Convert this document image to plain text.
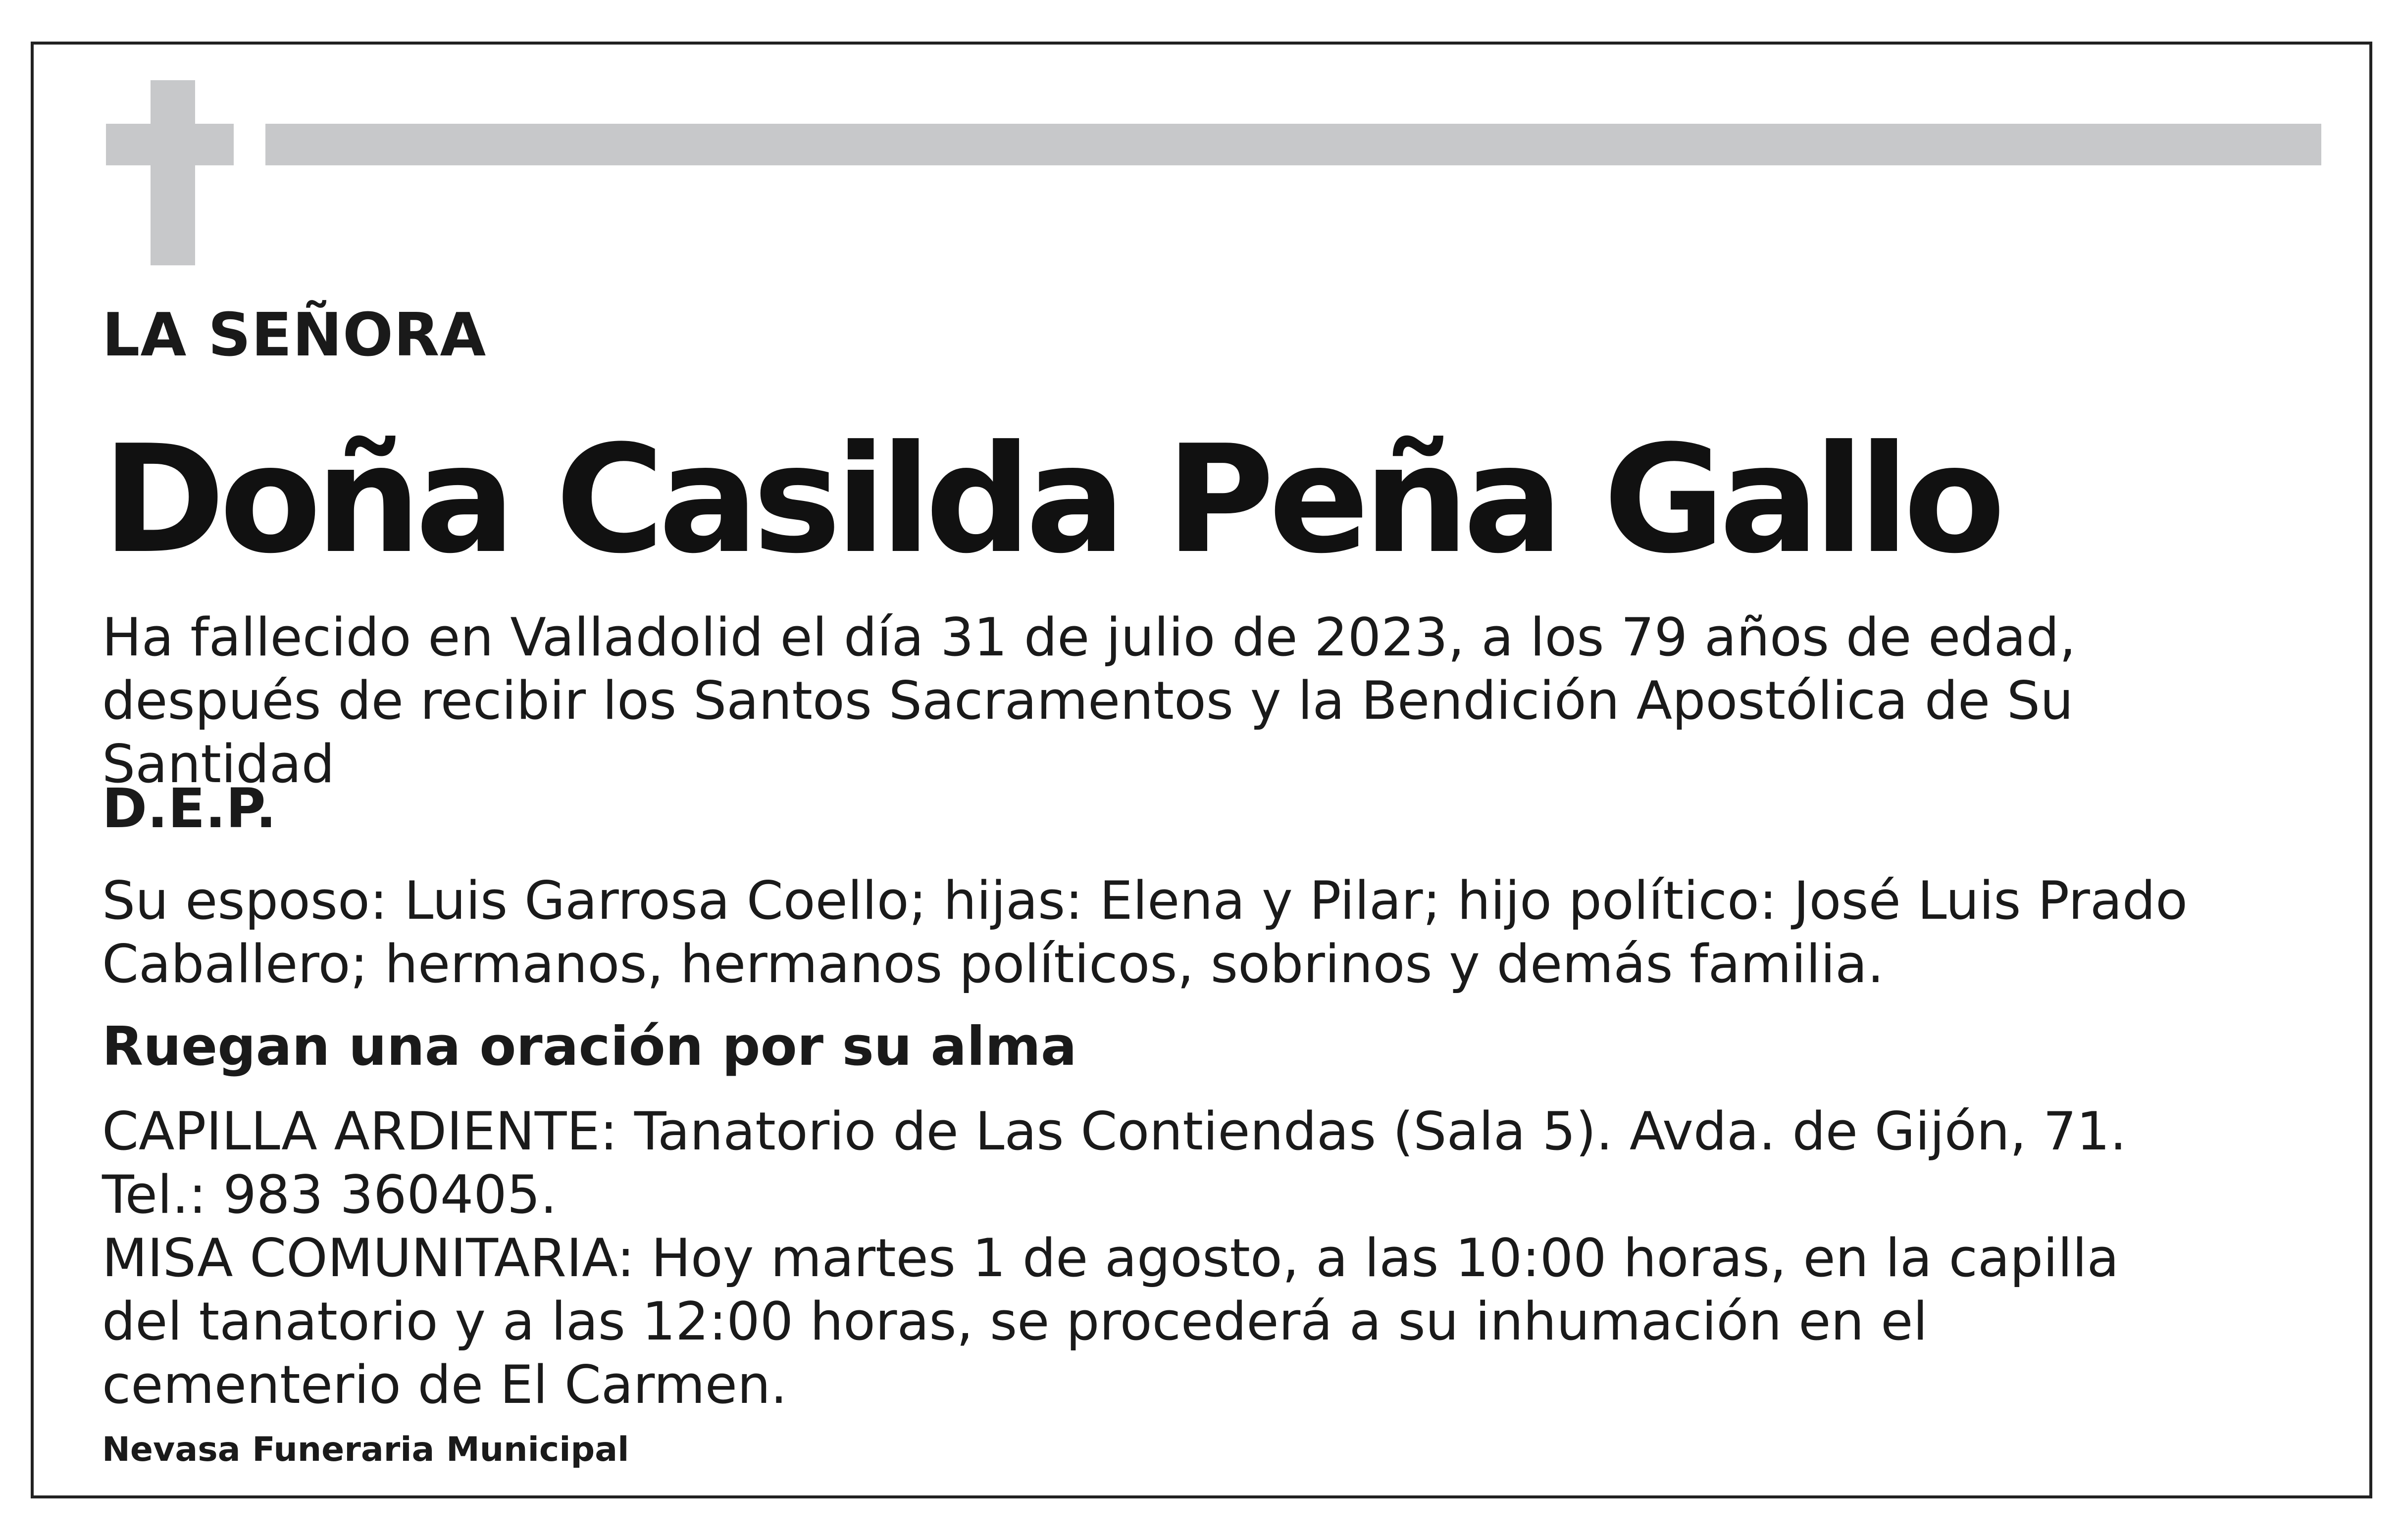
LA SEÑORA

Doña Casilda Peña Gallo

Ha fallecido en Valladolid el día 31 de julio de 2023, a los 79 años de edad, después de recibir los Santos Sacramentos y la Bendición Apostólica de Su Santidad

D.E.P.

Su esposo: Luis Garrosa Coello; hijas: Elena y Pilar; hijo político: José Luis Prado Caballero; hermanos, hermanos políticos, sobrinos y demás familia.

Ruegan una oración por su alma

CAPILLA ARDIENTE: Tanatorio de Las Contiendas (Sala 5). Avda. de Gijón, 71. Tel.: 983 360405.
MISA COMUNITARIA: Hoy martes 1 de agosto, a las 10:00 horas, en la capilla del tanatorio y a las 12:00 horas, se procederá a su inhumación en el cementerio de El Carmen.

Nevasa Funeraria Municipal
